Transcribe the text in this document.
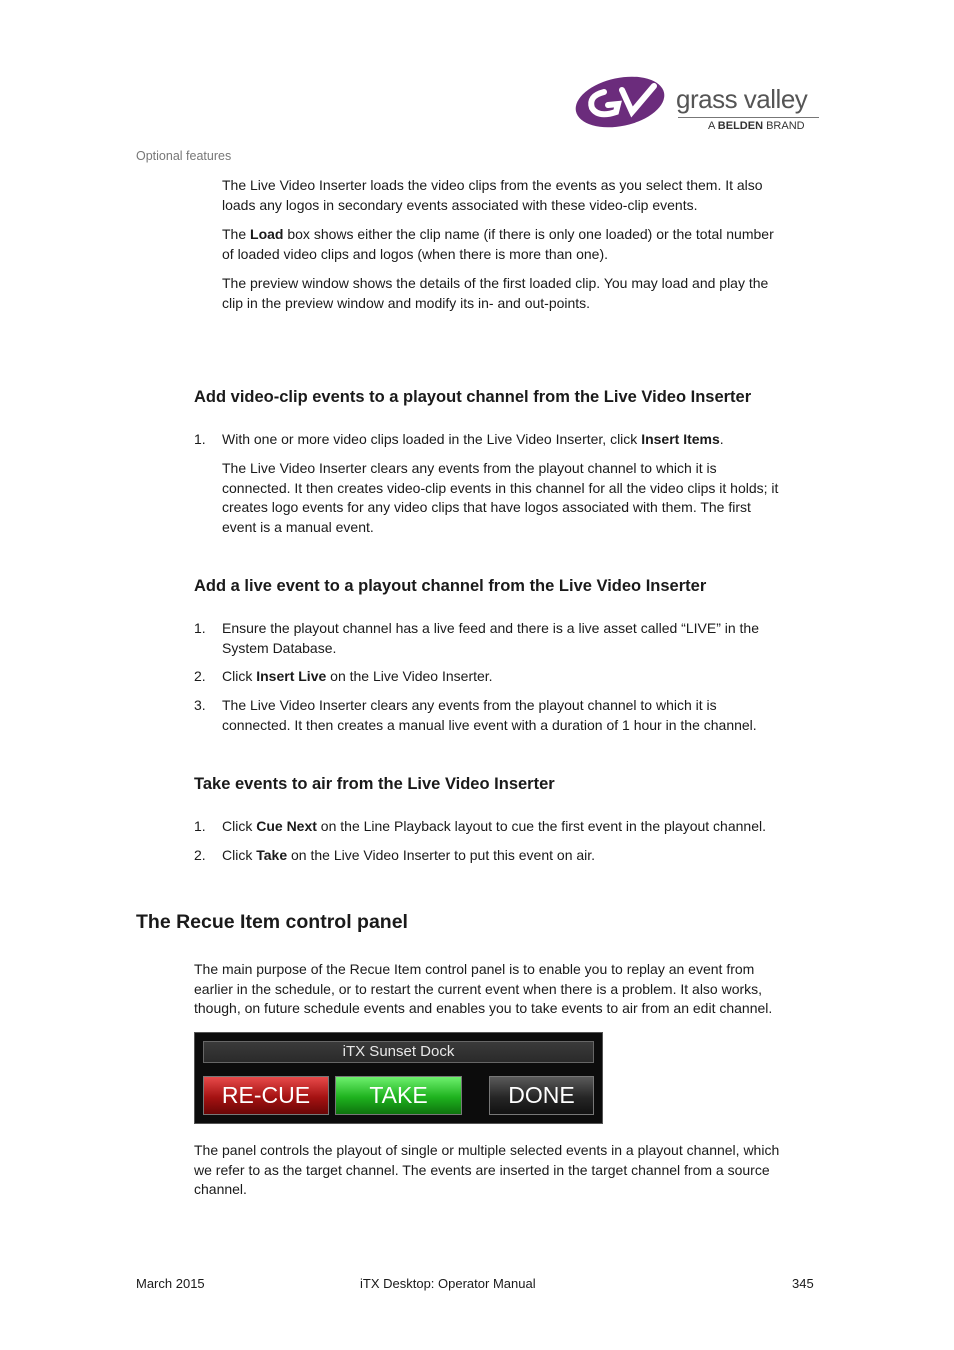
grass valley
A BELDEN BRAND
Optional features

The Live Video Inserter loads the video clips from the events as you select them. It also
loads any logos in secondary events associated with these video-clip events.

The Load box shows either the clip name (if there is only one loaded) or the total number
of loaded video clips and logos (when there is more than one).

The preview window shows the details of the first loaded clip. You may load and play the
clip in the preview window and modify its in- and out-points.

Add video-clip events to a playout channel from the Live Video Inserter
1. With one or more video clips loaded in the Live Video Inserter, click Insert Items.

The Live Video Inserter clears any events from the playout channel to which it is
connected. It then creates video-clip events in this channel for all the video clips it holds; it
creates logo events for any video clips that have logos associated with them. The first
event is a manual event.

Add a live event to a playout channel from the Live Video Inserter
1. Ensure the playout channel has a live feed and there is a live asset called “LIVE” in the
System Database.

2. Click Insert Live on the Live Video Inserter.

3. The Live Video Inserter clears any events from the playout channel to which it is
connected. It then creates a manual live event with a duration of 1 hour in the channel.

Take events to air from the Live Video Inserter
1. Click Cue Next on the Line Playback layout to cue the first event in the playout channel.

2. Click Take on the Live Video Inserter to put this event on air.

The Recue Item control panel

The main purpose of the Recue Item control panel is to enable you to replay an event from
earlier in the schedule, or to restart the current event when there is a problem. It also works,
though, on future schedule events and enables you to take events to air from an edit channel.

iTX Sunset Dock
RE-CUE	TAKE	DONE

The panel controls the playout of single or multiple selected events in a playout channel, which
we refer to as the target channel. The events are inserted in the target channel from a source
channel.

March 2015	iTX Desktop: Operator Manual	345
